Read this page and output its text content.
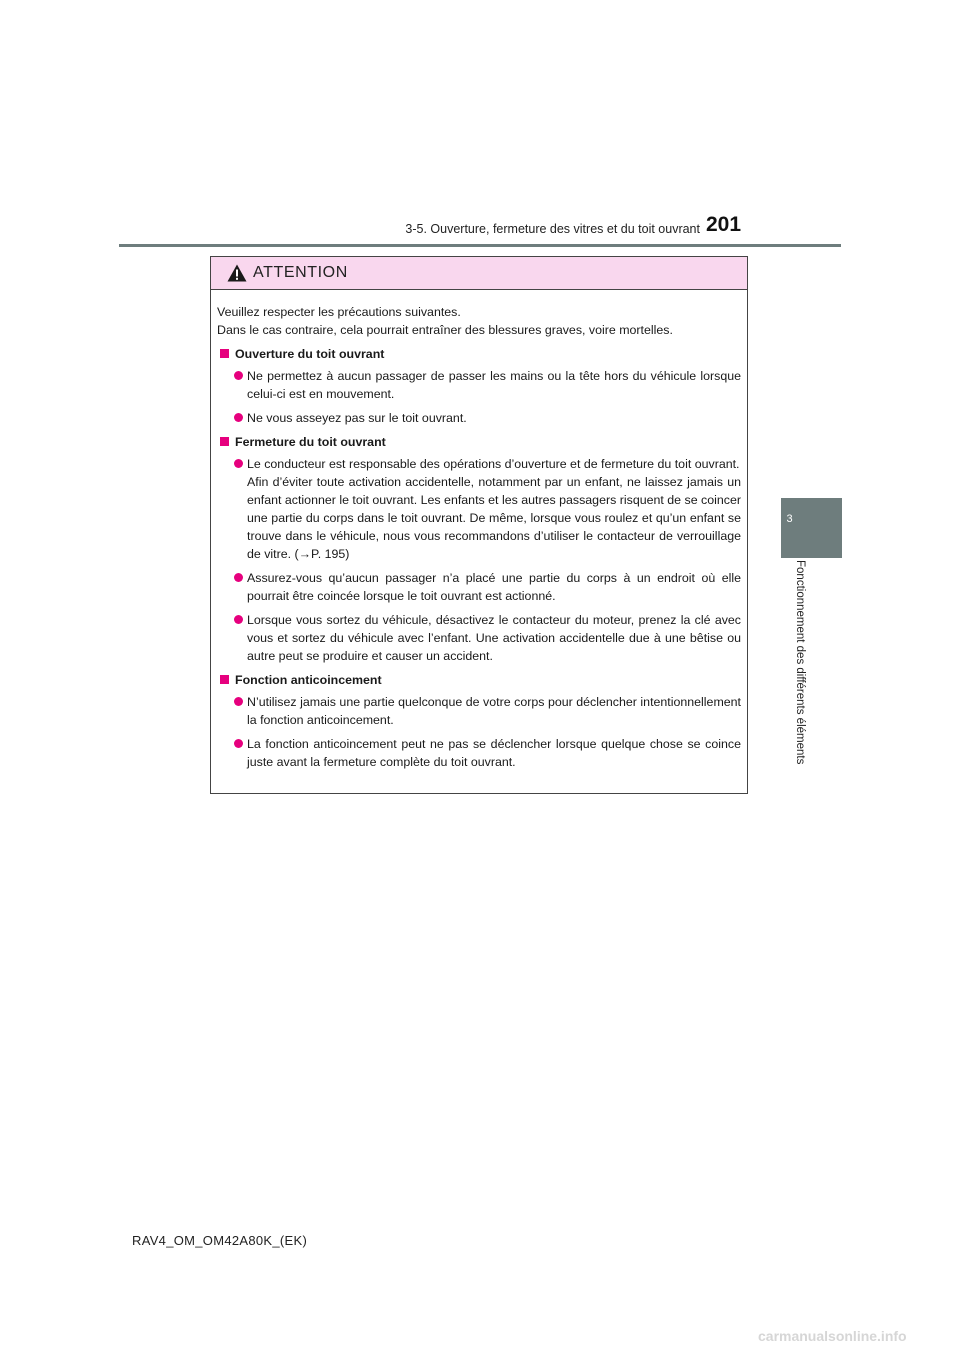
3-5. Ouverture, fermeture des vitres et du toit ouvrant 201
3
Fonctionnement des différents éléments
ATTENTION

Veuillez respecter les précautions suivantes.

Dans le cas contraire, cela pourrait entraîner des blessures graves, voire mortelles.

Ouverture du toit ouvrant

Ne permettez à aucun passager de passer les mains ou la tête hors du véhicule lorsque celui-ci est en mouvement.

Ne vous asseyez pas sur le toit ouvrant.

Fermeture du toit ouvrant
Le conducteur est responsable des opérations d’ouverture et de fermeture du toit ouvrant.
Afin d’éviter toute activation accidentelle, notamment par un enfant, ne laissez jamais un enfant actionner le toit ouvrant. Les enfants et les autres passagers risquent de se coincer une partie du corps dans le toit ouvrant. De même, lorsque vous roulez et qu’un enfant se trouve dans le véhicule, nous vous recommandons d’utiliser le contacteur de verrouillage de vitre. (→P. 195)

Assurez-vous qu’aucun passager n’a placé une partie du corps à un endroit où elle pourrait être coincée lorsque le toit ouvrant est actionné.

Lorsque vous sortez du véhicule, désactivez le contacteur du moteur, prenez la clé avec vous et sortez du véhicule avec l’enfant. Une activation accidentelle due à une bêtise ou autre peut se produire et causer un accident.

Fonction anticoincement

N’utilisez jamais une partie quelconque de votre corps pour déclencher intentionnellement la fonction anticoincement.

La fonction anticoincement peut ne pas se déclencher lorsque quelque chose se coince juste avant la fermeture complète du toit ouvrant.

RAV4_OM_OM42A80K_(EK)
carmanualsonline.info
